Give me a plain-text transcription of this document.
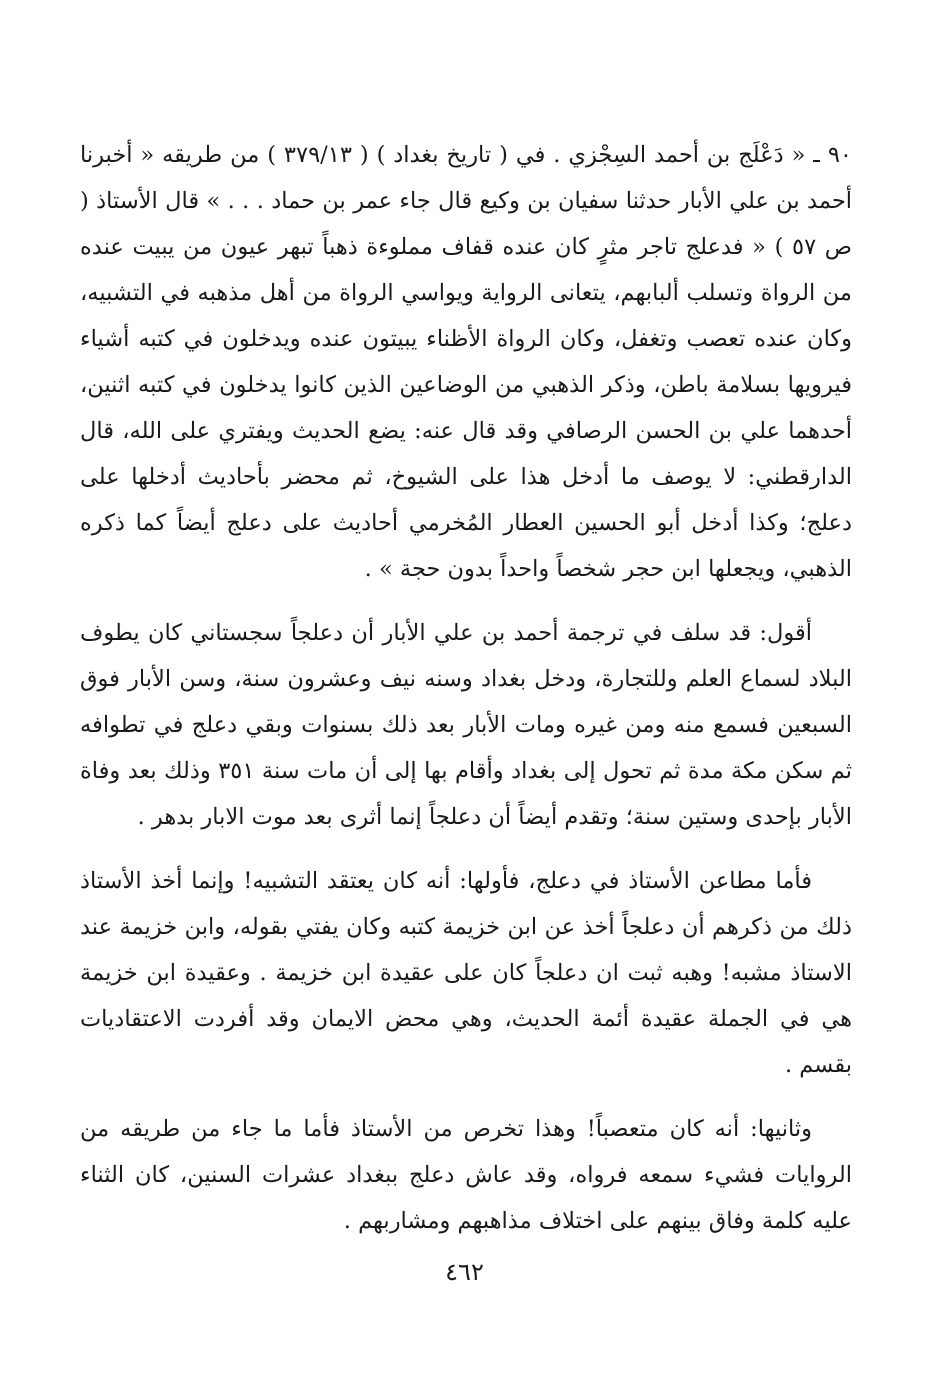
٩٠ ـ « دَعْلَج بن أحمد السِجْزي . في ( تاريخ بغداد ) ( ٣٧٩/١٣ ) من طريقه « أخبرنا أحمد بن علي الأبار حدثنا سفيان بن وكيع قال جاء عمر بن حماد . . . » قال الأستاذ ( ص ٥٧ ) « فدعلج تاجر مثرٍ كان عنده قفاف مملوءة ذهباً تبهر عيون من يبيت عنده من الرواة وتسلب ألبابهم، يتعانى الرواية ويواسي الرواة من أهل مذهبه في التشبيه، وكان عنده تعصب وتغفل، وكان الرواة الأظناء يبيتون عنده ويدخلون في كتبه أشياء فيرويها بسلامة باطن، وذكر الذهبي من الوضاعين الذين كانوا يدخلون في كتبه اثنين، أحدهما علي بن الحسن الرصافي وقد قال عنه: يضع الحديث ويفتري على الله، قال الدارقطني: لا يوصف ما أدخل هذا على الشيوخ، ثم محضر بأحاديث أدخلها على دعلج؛ وكذا أدخل أبو الحسين العطار المُخرمي أحاديث على دعلج أيضاً كما ذكره الذهبي، ويجعلها ابن حجر شخصاً واحداً بدون حجة » .

أقول: قد سلف في ترجمة أحمد بن علي الأبار أن دعلجاً سجستاني كان يطوف البلاد لسماع العلم وللتجارة، ودخل بغداد وسنه نيف وعشرون سنة، وسن الأبار فوق السبعين فسمع منه ومن غيره ومات الأبار بعد ذلك بسنوات وبقي دعلج في تطوافه ثم سكن مكة مدة ثم تحول إلى بغداد وأقام بها إلى أن مات سنة ٣٥١ وذلك بعد وفاة الأبار بإحدى وستين سنة؛ وتقدم أيضاً أن دعلجاً إنما أثرى بعد موت الابار بدهر .

فأما مطاعن الأستاذ في دعلج، فأولها: أنه كان يعتقد التشبيه! وإنما أخذ الأستاذ ذلك من ذكرهم أن دعلجاً أخذ عن ابن خزيمة كتبه وكان يفتي بقوله، وابن خزيمة عند الاستاذ مشبه! وهبه ثبت ان دعلجاً كان على عقيدة ابن خزيمة . وعقيدة ابن خزيمة هي في الجملة عقيدة أئمة الحديث، وهي محض الايمان وقد أفردت الاعتقاديات بقسم .

وثانيها: أنه كان متعصباً! وهذا تخرص من الأستاذ فأما ما جاء من طريقه من الروايات فشيء سمعه فرواه، وقد عاش دعلج ببغداد عشرات السنين، كان الثناء عليه كلمة وفاق بينهم على اختلاف مذاهبهم ومشاربهم .

٤٦٢
